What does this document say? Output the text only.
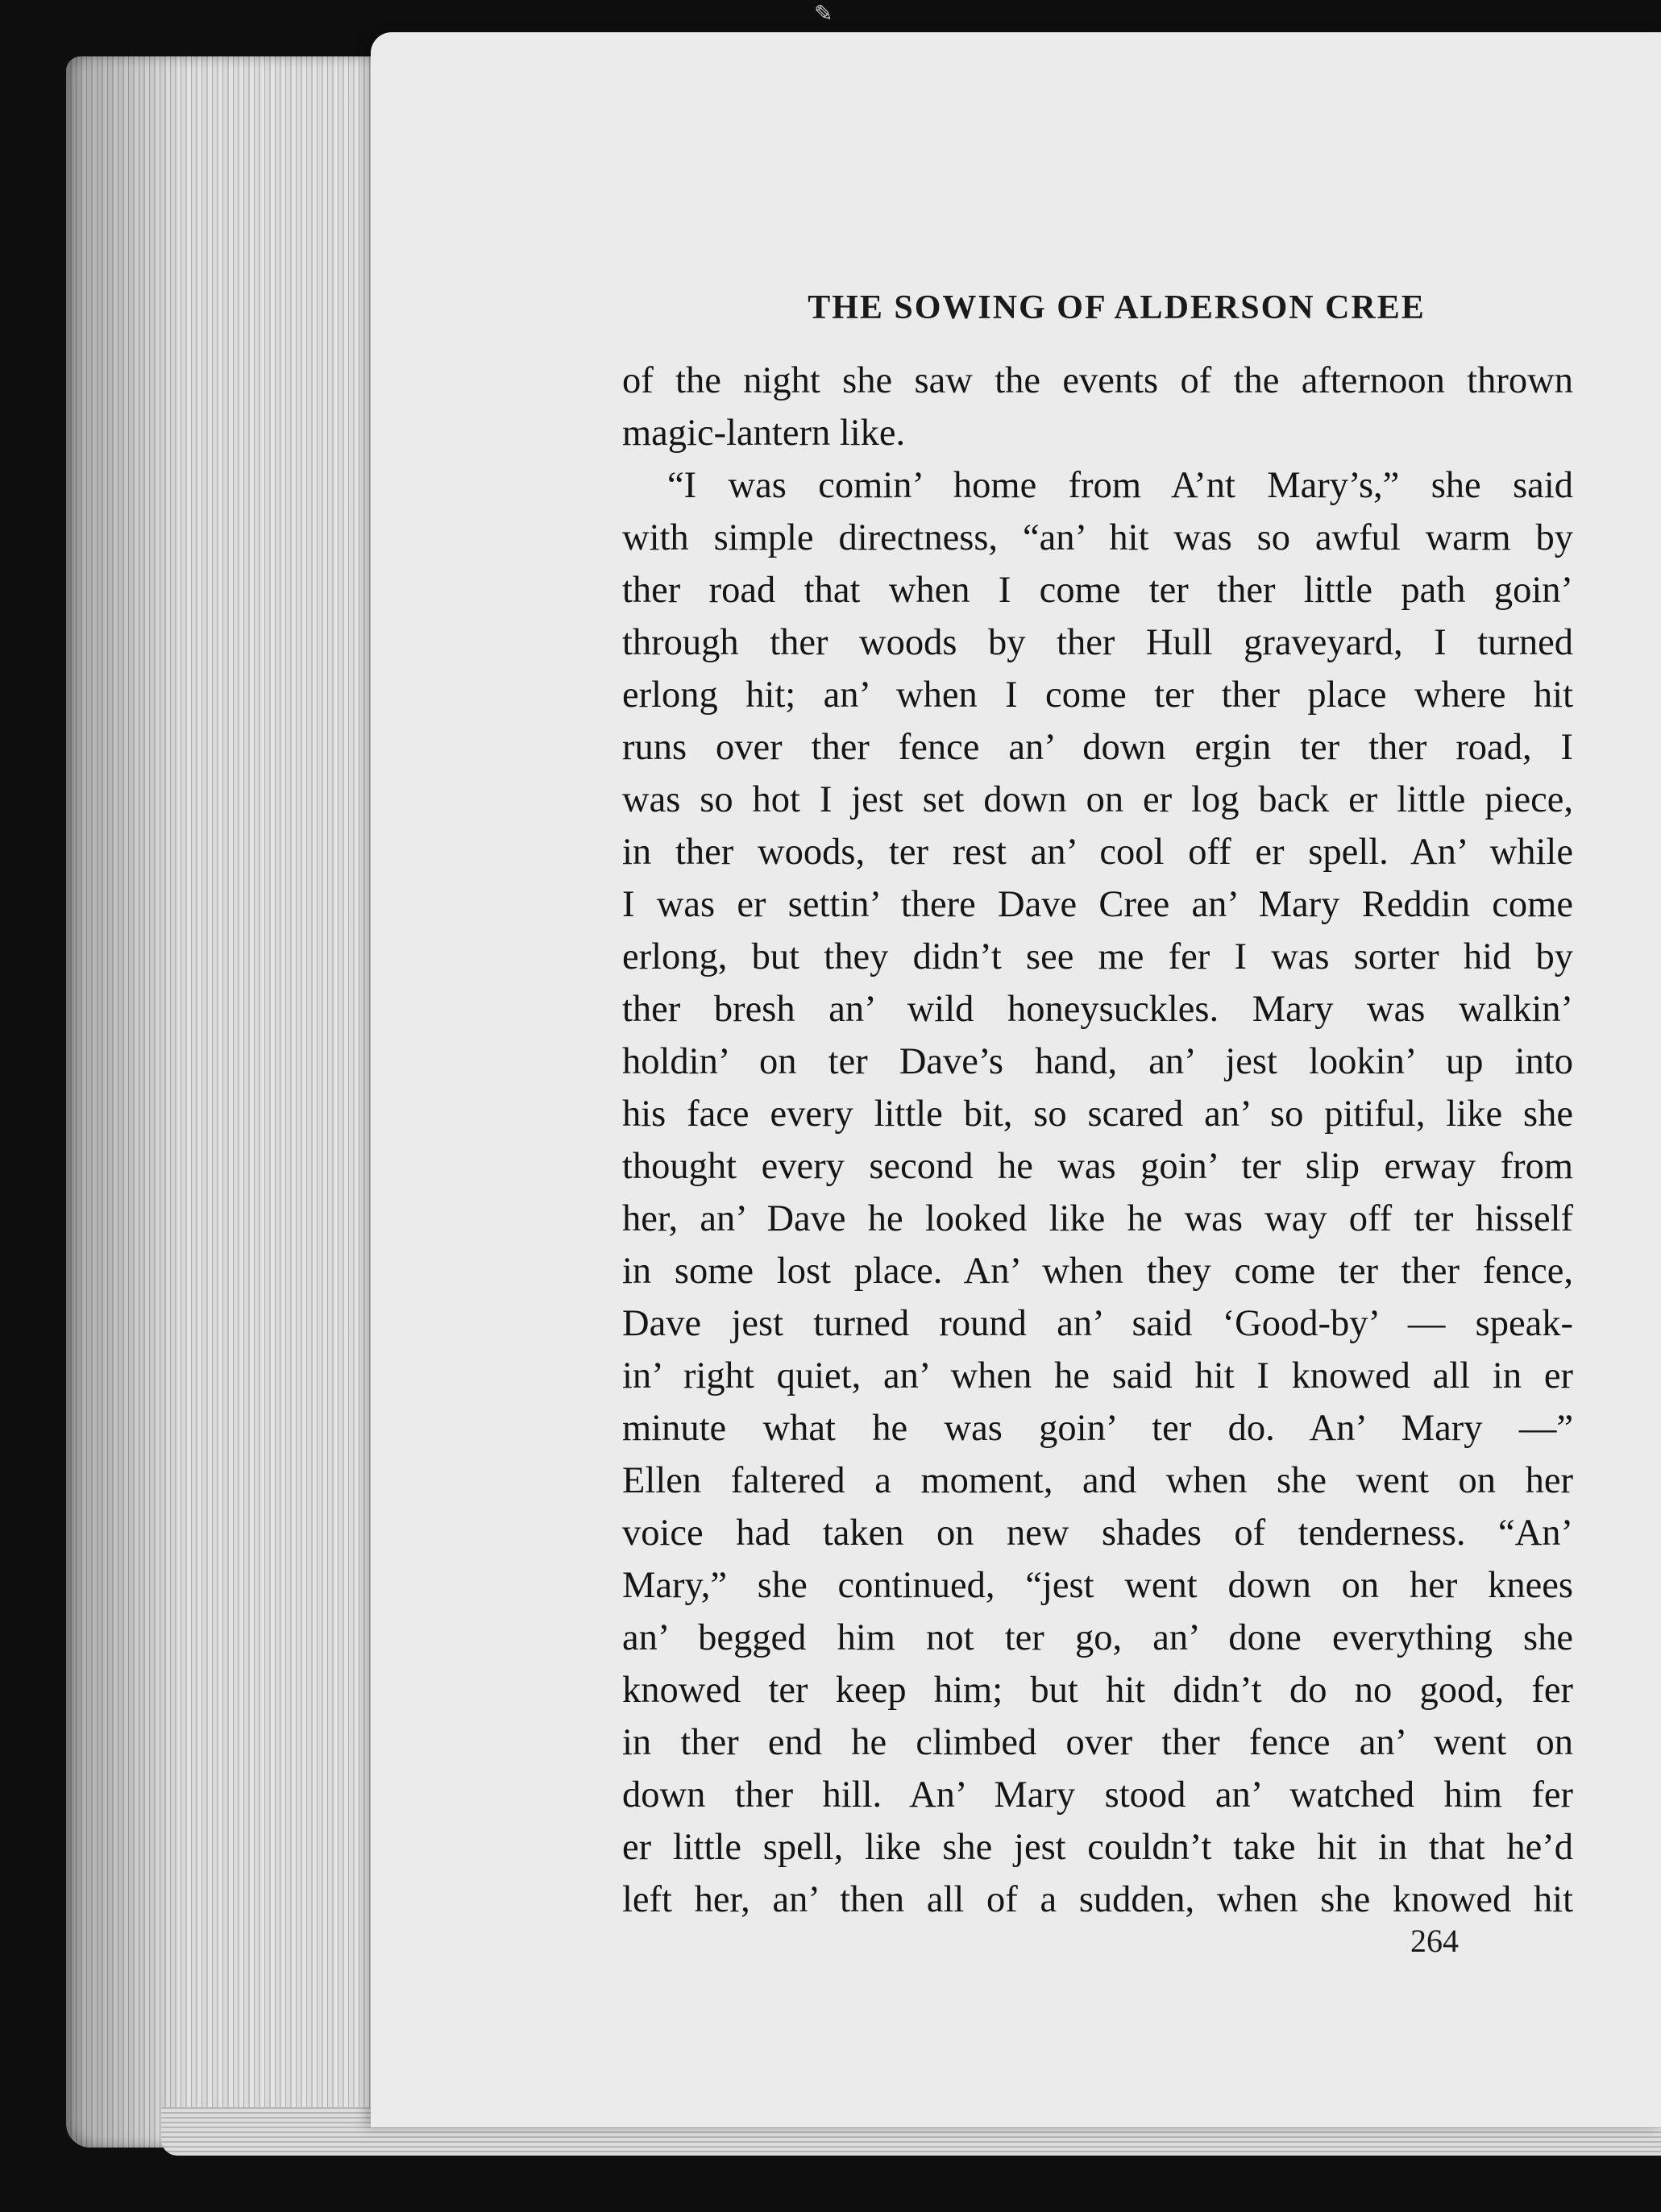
✎
THE SOWING OF ALDERSON CREE
of the night she saw the events of the afternoon thrown
magic-lantern like.
“I was comin’ home from A’nt Mary’s,” she said
with simple directness, “an’ hit was so awful warm by
ther road that when I come ter ther little path goin’
through ther woods by ther Hull graveyard, I turned
erlong hit; an’ when I come ter ther place where hit
runs over ther fence an’ down ergin ter ther road, I
was so hot I jest set down on er log back er little piece,
in ther woods, ter rest an’ cool off er spell. An’ while
I was er settin’ there Dave Cree an’ Mary Reddin come
erlong, but they didn’t see me fer I was sorter hid by
ther bresh an’ wild honeysuckles. Mary was walkin’
holdin’ on ter Dave’s hand, an’ jest lookin’ up into
his face every little bit, so scared an’ so pitiful, like she
thought every second he was goin’ ter slip erway from
her, an’ Dave he looked like he was way off ter hisself
in some lost place. An’ when they come ter ther fence,
Dave jest turned round an’ said ‘Good-by’ — speak-
in’ right quiet, an’ when he said hit I knowed all in er
minute what he was goin’ ter do. An’ Mary —”
Ellen faltered a moment, and when she went on her
voice had taken on new shades of tenderness. “An’
Mary,” she continued, “jest went down on her knees
an’ begged him not ter go, an’ done everything she
knowed ter keep him; but hit didn’t do no good, fer
in ther end he climbed over ther fence an’ went on
down ther hill. An’ Mary stood an’ watched him fer
er little spell, like she jest couldn’t take hit in that he’d
left her, an’ then all of a sudden, when she knowed hit

264
